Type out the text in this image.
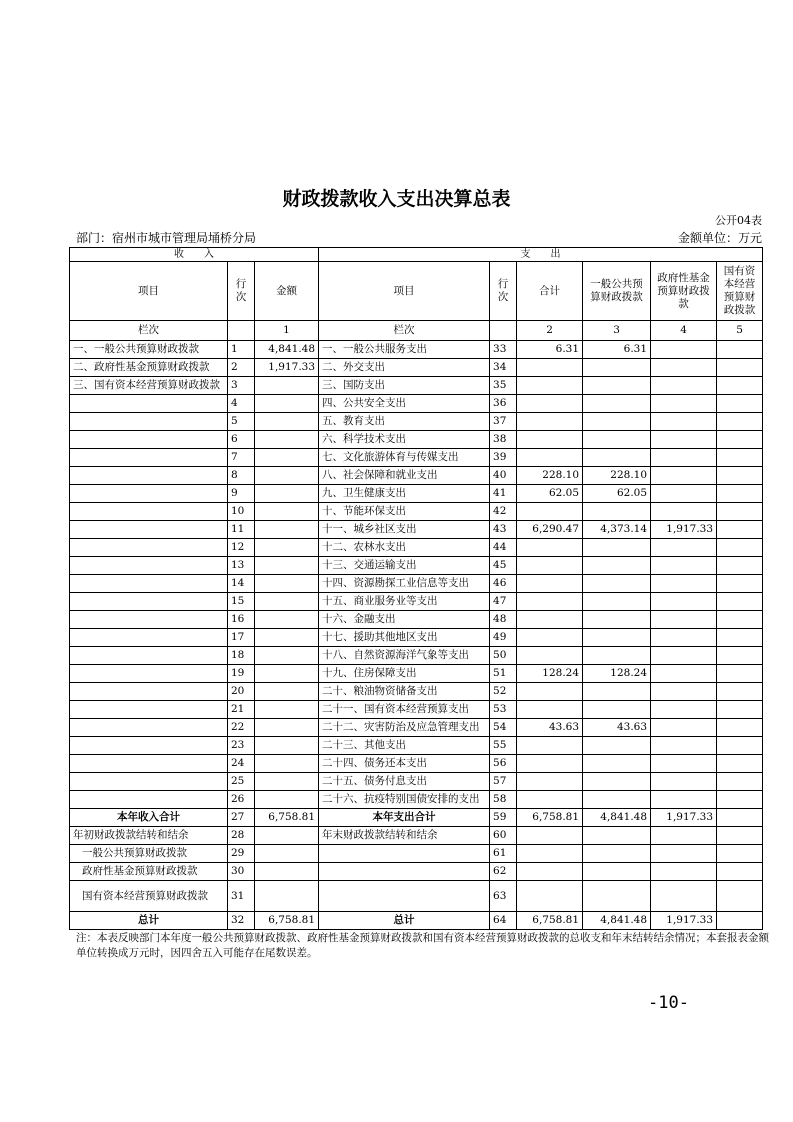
财政拨款收入支出决算总表
公开04表
部门：宿州市城市管理局埇桥分局	金额单位：万元
收　　入			支　　出					
项目	行次	金额	项目	行次	合计	一般公共预算财政拨款	政府性基金预算财政拨款	国有资本经营预算财政拨款
栏次		1	栏次		2	3	4	5
一、一般公共预算财政拨款	1	4,841.48	一、一般公共服务支出	33	6.31	6.31		
二、政府性基金预算财政拨款	2	1,917.33	二、外交支出	34				
三、国有资本经营预算财政拨款	3		三、国防支出	35				
	4		四、公共安全支出	36				
	5		五、教育支出	37				
	6		六、科学技术支出	38				
	7		七、文化旅游体育与传媒支出	39				
	8		八、社会保障和就业支出	40	228.10	228.10		
	9		九、卫生健康支出	41	62.05	62.05		
	10		十、节能环保支出	42				
	11		十一、城乡社区支出	43	6,290.47	4,373.14	1,917.33	
	12		十二、农林水支出	44				
	13		十三、交通运输支出	45				
	14		十四、资源勘探工业信息等支出	46				
	15		十五、商业服务业等支出	47				
	16		十六、金融支出	48				
	17		十七、援助其他地区支出	49				
	18		十八、自然资源海洋气象等支出	50				
	19		十九、住房保障支出	51	128.24	128.24		
	20		二十、粮油物资储备支出	52				
	21		二十一、国有资本经营预算支出	53				
	22		二十二、灾害防治及应急管理支出	54	43.63	43.63		
	23		二十三、其他支出	55				
	24		二十四、债务还本支出	56				
	25		二十五、债务付息支出	57				
	26		二十六、抗疫特别国债安排的支出	58				
本年收入合计	27	6,758.81	本年支出合计	59	6,758.81	4,841.48	1,917.33	
年初财政拨款结转和结余	28		年末财政拨款结转和结余	60				
一般公共预算财政拨款	29			61				
政府性基金预算财政拨款	30			62				
国有资本经营预算财政拨款	31			63				
总计	32	6,758.81	总计	64	6,758.81	4,841.48	1,917.33	
注：本表反映部门本年度一般公共预算财政拨款、政府性基金预算财政拨款和国有资本经营预算财政拨款的总收支和年末结转结余情况；本套报表金额单位转换成万元时，因四舍五入可能存在尾数误差。
-10-
